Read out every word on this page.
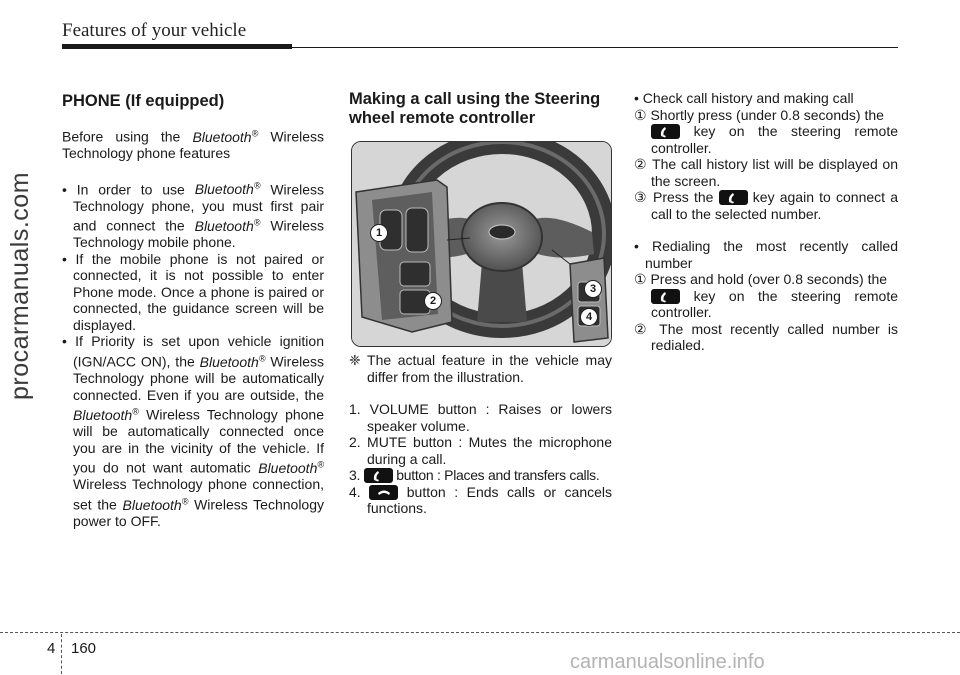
Features of your vehicle
procarmanuals.com
carmanualsonline.info
PHONE (If equipped)

Before using the Bluetooth® Wireless Technology phone features

• In order to use Bluetooth® Wireless Technology phone, you must first pair and connect the Bluetooth® Wireless Technology mobile phone.

• If the mobile phone is not paired or connected, it is not possible to enter Phone mode. Once a phone is paired or connected, the guidance screen will be displayed.

• If Priority is set upon vehicle ignition (IGN/ACC ON), the Bluetooth® Wireless Technology phone will be automatically connected. Even if you are outside, the Bluetooth® Wireless Technology phone will be automatically connected once you are in the vicinity of the vehicle. If you do not want automatic Bluetooth® Wireless Technology phone connection, set the Bluetooth® Wireless Technology power to OFF.

Making a call using the Steering wheel remote controller
1
2
3
4

❈ The actual feature in the vehicle may differ from the illustration.

1. VOLUME button : Raises or lowers speaker volume.

2. MUTE button : Mutes the microphone during a call.

3.	button : Places and transfers calls.

4.	button : Ends calls or cancels functions.

• Check call history and making call

① Shortly press (under 0.8 seconds) the

key on the steering remote controller.

② The call history list will be displayed on the screen.

③ Press the	key again to connect a call to the selected number.

• Redialing the most recently called number

① Press and hold (over 0.8 seconds) the

key on the steering remote controller.

② The most recently called number is redialed.

4 160
